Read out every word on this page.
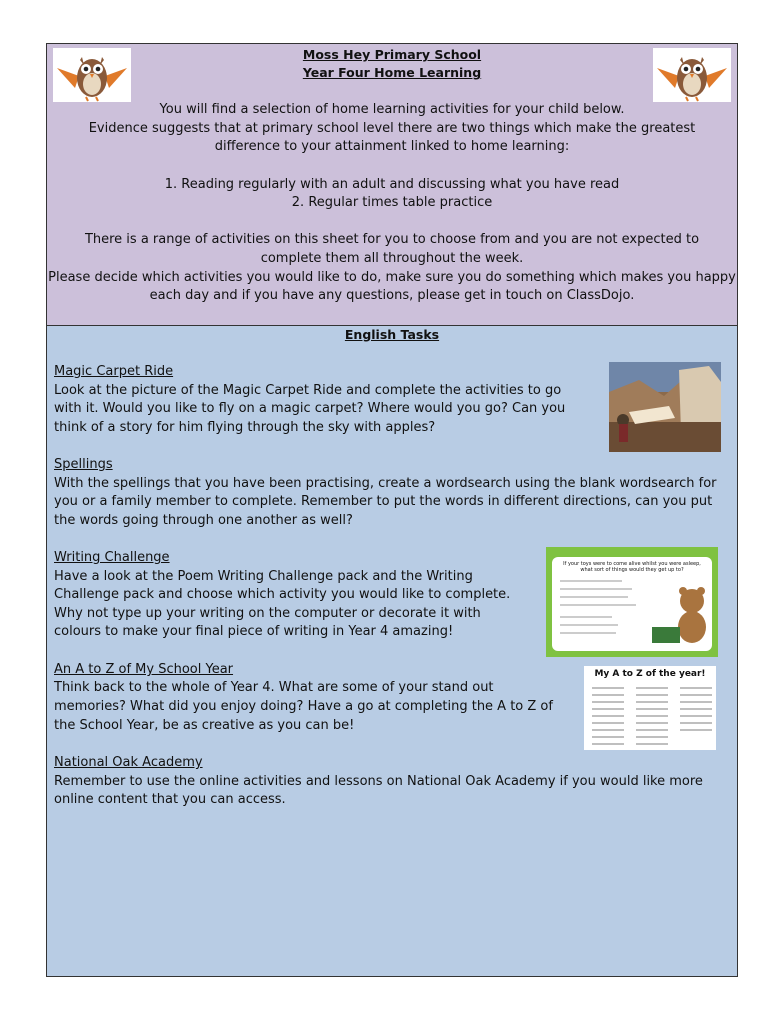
Moss Hey Primary School
Year Four Home Learning
You will find a selection of home learning activities for your child below.
Evidence suggests that at primary school level there are two things which make the greatest
difference to your attainment linked to home learning:
1. Reading regularly with an adult and discussing what you have read
2. Regular times table practice
There is a range of activities on this sheet for you to choose from and you are not expected to
complete them all throughout the week.
Please decide which activities you would like to do, make sure you do something which makes you happy
each day and if you have any questions, please get in touch on ClassDojo.
English Tasks
Magic Carpet Ride
Look at the picture of the Magic Carpet Ride and complete the activities to go
with it. Would you like to fly on a magic carpet? Where would you go? Can you
think of a story for him flying through the sky with apples?
Spellings
With the spellings that you have been practising, create a wordsearch using the blank wordsearch for
you or a family member to complete. Remember to put the words in different directions, can you put
the words going through one another as well?
Writing Challenge
Have a look at the Poem Writing Challenge pack and the Writing
Challenge pack and choose which activity you would like to complete.
Why not type up your writing on the computer or decorate it with
colours to make your final piece of writing in Year 4 amazing!
If your toys were to come alive whilst you were asleep,
what sort of things would they get up to?
An A to Z of My School Year
Think back to the whole of Year 4. What are some of your stand out
memories? What did you enjoy doing? Have a go at completing the A to Z of
the School Year, be as creative as you can be!
My A to Z of the year!
National Oak Academy
Remember to use the online activities and lessons on National Oak Academy if you would like more
online content that you can access.
